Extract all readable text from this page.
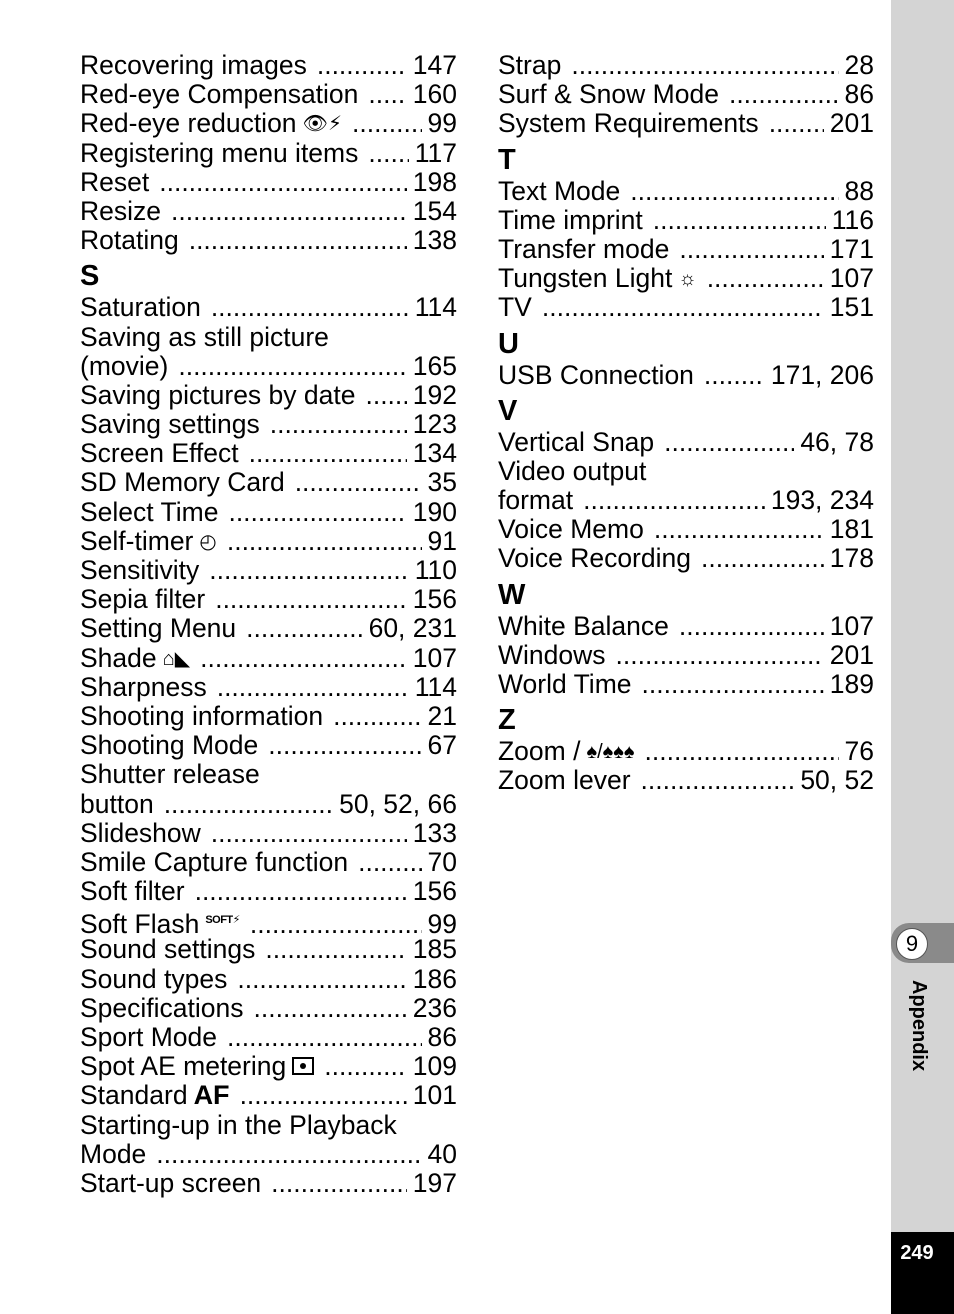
Recovering images .....	147
Red-eye Compensation ..... 160
Red-eye reduction 👁⚡ .....	99
Registering menu items ..... 117
Reset .....	198
Resize .....	154
Rotating .....	138
S
Saturation .....	114
Saving as still picture
(movie) .....	165
Saving pictures by date ..... 192
Saving settings .....	123
Screen Effect .....	134
SD Memory Card .....	35
Select Time .....	190
Self-timer ◴ .....	91
Sensitivity .....	110
Sepia filter .....	156
Setting Menu .....	60, 231
Shade ⌂◣ .....	107
Sharpness .....	114
Shooting information .....	21
Shooting Mode .....	67
Shutter release
button .....	50, 52, 66
Slideshow .....	133
Smile Capture function .....	70
Soft filter .....	156
Soft Flash SOFT⚡ .....	99
Sound settings .....	185
Sound types .....	186
Specifications .....	236
Sport Mode .....	86
Spot AE metering .....	109
Standard AF .....	101
Starting-up in the Playback
Mode .....	40
Start-up screen .....	197
Strap .....	28
Surf & Snow Mode .....	86
System Requirements .....	201
T
Text Mode .....	88
Time imprint .....	116
Transfer mode .....	171
Tungsten Light ☼ .....	107
TV .....	151
U
USB Connection .....	171, 206
V
Vertical Snap .....	46, 78
Video output
format .....	193, 234
Voice Memo .....	181
Voice Recording .....	178
W
White Balance .....	107
Windows .....	201
World Time .....	189
Z
Zoom / ♠/♠♠♠ .....	76
Zoom lever .....	50, 52
9
Appendix
249
